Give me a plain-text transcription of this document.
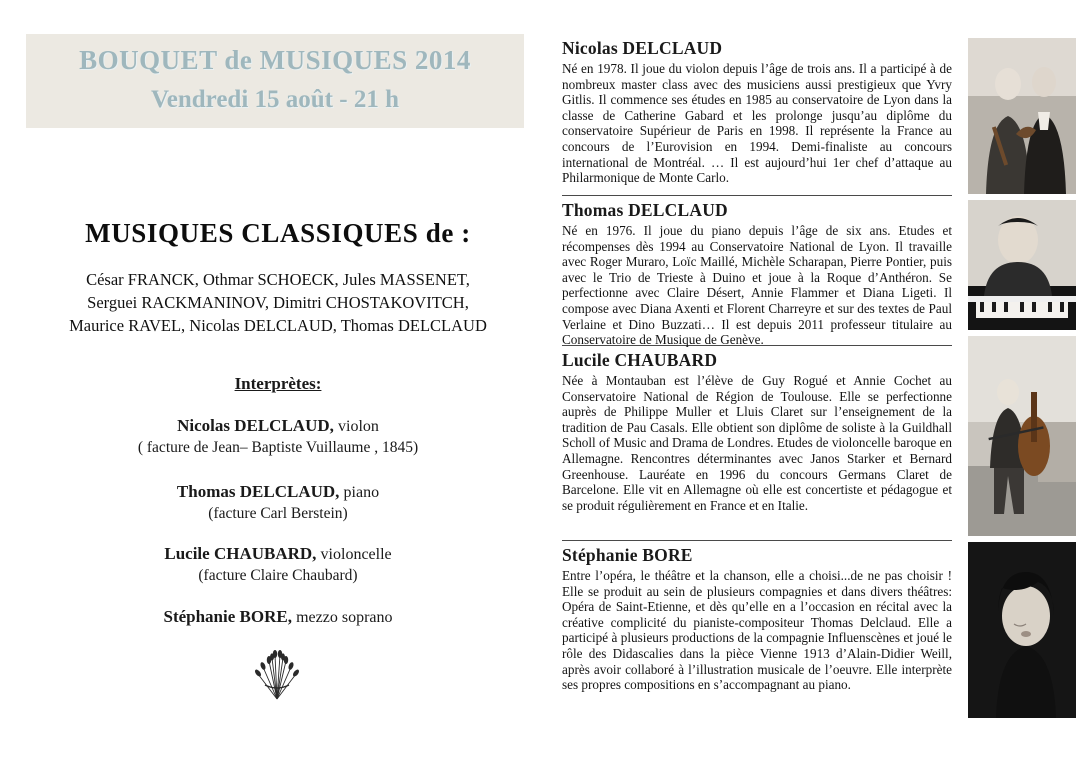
BOUQUET de MUSIQUES 2014
Vendredi 15 août - 21 h
MUSIQUES CLASSIQUES de :
César FRANCK, Othmar SCHOECK, Jules MASSENET,
Serguei RACKMANINOV, Dimitri CHOSTAKOVITCH,
Maurice RAVEL, Nicolas DELCLAUD, Thomas DELCLAUD
Interprètes:
Nicolas DELCLAUD, violon
( facture de Jean– Baptiste Vuillaume , 1845)
Thomas DELCLAUD, piano
(facture Carl Berstein)
Lucile CHAUBARD, violoncelle
(facture Claire Chaubard)
Stéphanie BORE, mezzo soprano
Nicolas DELCLAUD
Né en 1978. Il joue du violon depuis l’âge de trois ans. Il a participé à de nombreux master class avec des musiciens aussi prestigieux que Yvry Gitlis. Il commence ses études en 1985 au conservatoire de Lyon dans la classe de Catherine Gabard et les prolonge jusqu’au diplôme du conservatoire Supérieur de Paris en 1998. Il représente la France au concours de l’Eurovision en 1994. Demi-finaliste au concours international de Montréal. … Il est aujourd’hui 1er chef d’attaque au Philarmonique de Monte Carlo.
Thomas DELCLAUD
Né en 1976. Il joue du piano depuis l’âge de six ans. Etudes et récompenses dès 1994 au Conservatoire National de Lyon. Il travaille avec Roger Muraro, Loïc Maillé, Michèle Scharapan, Pierre Pontier, puis avec le Trio de Trieste à Duino et joue à la Roque d’Anthéron. Se perfectionne avec Claire Désert, Annie Flammer et Diana Ligeti. Il compose avec Diana Axenti et Florent Charreyre et sur des textes de Paul Verlaine et Dino Buzzati… Il est depuis 2011 professeur titulaire au Conservatoire de Musique de Genève.
Lucile CHAUBARD
Née à Montauban est l’élève de Guy Rogué et Annie Cochet au Conservatoire National de Région de Toulouse. Elle se perfectionne auprès de Philippe Muller et Lluis Claret sur l’enseignement de la tradition de Pau Casals. Elle obtient son diplôme de soliste à la Guildhall Scholl of Music and Drama de Londres. Etudes de violoncelle baroque en Allemagne. Rencontres déterminantes avec Janos Starker et Bernard Greenhouse. Lauréate en 1996 du concours Germans Claret de Barcelone. Elle vit en Allemagne où elle est concertiste et pédagogue et se produit régulièrement en France et en Italie.
Stéphanie BORE
Entre l’opéra, le théâtre et la chanson, elle a choisi...de ne pas choisir ! Elle se produit au sein de plusieurs compagnies et dans divers théâtres: Opéra de Saint-Etienne, et dès qu’elle en a l’occasion en récital avec la créative complicité du pianiste-compositeur Thomas Delclaud. Elle a participé à plusieurs productions de la compagnie Influenscènes et joué le rôle des Didascalies dans la pièce Vienne 1913 d’Alain-Didier Weill, après avoir collaboré à l’illustration musicale de l’oeuvre. Elle interprète ses propres compositions en s’accompagnant au piano.
